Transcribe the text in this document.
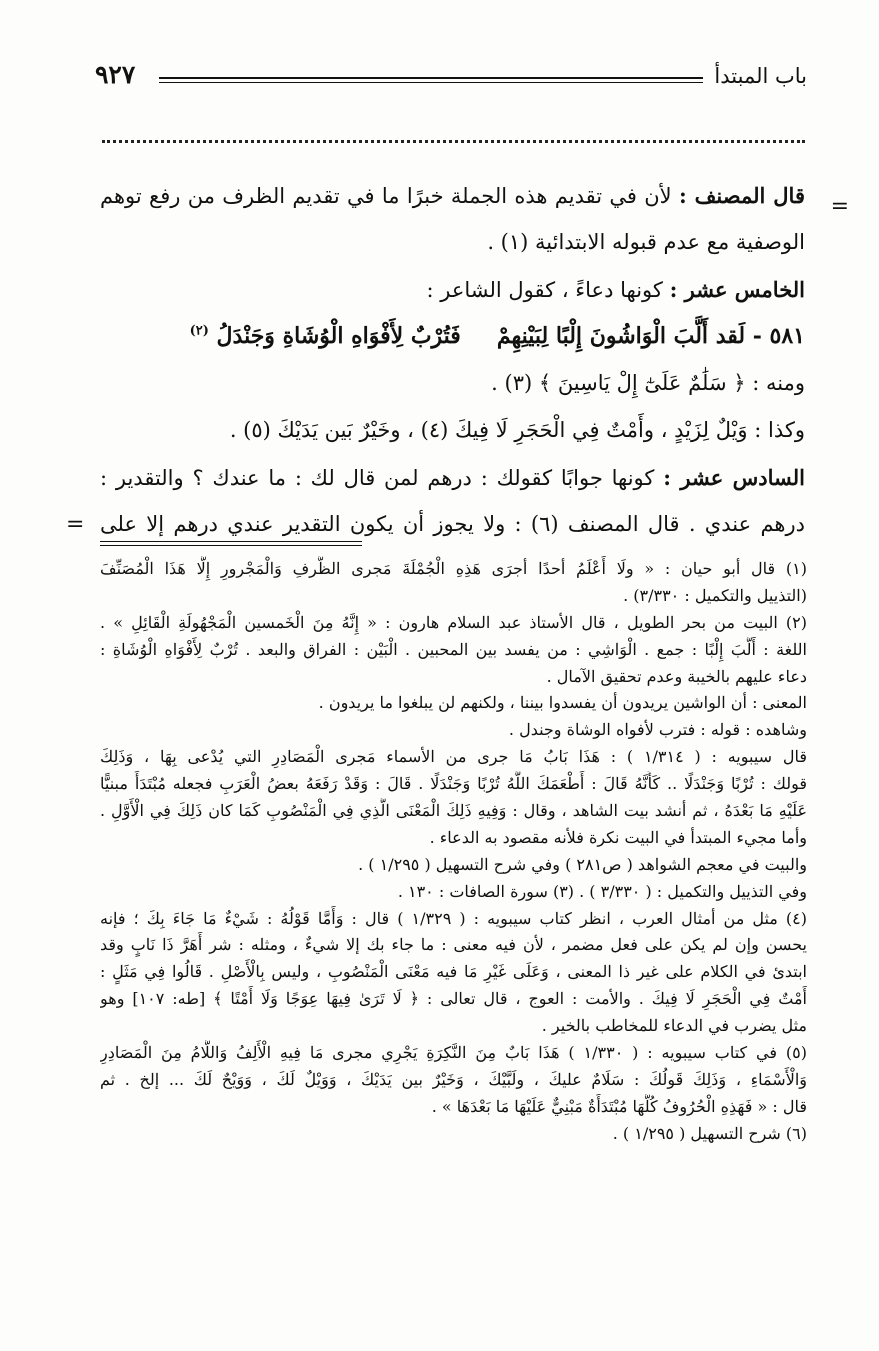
باب المبتدأ
٩٢٧
=
قال المصنف : لأن في تقديم هذه الجملة خبرًا ما في تقديم الظرف من رفع توهم
الوصفية مع عدم قبوله الابتدائية (١) .
الخامس عشر : كونها دعاءً ، كقول الشاعر :
٥٨١ - لَقد أَلَّبَ الْوَاشُونَ إِلْبًا لِبَيْنِهِمْفَتُرْبٌ لِأَفْوَاهِ الْوُشَاةِ وَجَنْدَلُ $^{(٢)}$
ومنه : ﴿ سَلَٰمٌ عَلَىٰٓ إِلْ يَاسِينَ ﴾ (٣) .
وكذا : وَيْلٌ لِزَيْدٍ ، وأَمْتٌ فِي الْحَجَرِ لَا فِيكَ (٤) ، وخَيْرٌ بَين يَدَيْكَ (٥) .
السادس عشر : كونها جوابًا كقولك : درهم لمن قال لك : ما عندك ؟ والتقدير :
درهم عندي . قال المصنف (٦) : ولا يجوز أن يكون التقدير عندي درهم إلا على
=
(١) قال أبو حيان : « ولَا أَعْلَمُ أحدًا أجرَى هَذِهِ الْجُمْلَةَ مَجرى الظَّرفِ وَالْمَجْرورِ إِلَّا هَذَا الْمُصَنِّفَ
(التذييل والتكميل : ٣/٣٣٠) .
(٢) البيت من بحر الطويل ، قال الأستاذ عبد السلام هارون : « إِنَّهُ مِنَ الْخَمسين الْمَجْهُولَةِ الْقَائِلِ » .
اللغة : أَلَّبَ إِلْبًا : جمع . الْوَاشِي : من يفسد بين المحبين . الْبَيْن : الفراق والبعد . تُرْبٌ لِأَفْوَاهِ الْوُشَاةِ :
دعاء عليهم بالخيبة وعدم تحقيق الآمال .
المعنى : أن الواشين يريدون أن يفسدوا بيننا ، ولكنهم لن يبلغوا ما يريدون .
وشاهده : قوله : فترب لأفواه الوشاة وجندل .
قال سيبويه : ( ١/٣١٤ ) : هَذَا بَابُ مَا جرى من الأسماء مَجرى الْمَصَادِرِ التي يُدْعى بِهَا ، وَذَلِكَ
قولك : تُرْبًا وَجَنْدَلًا .. كَأَنَّهُ قَالَ : أَطْعَمَكَ اللَّهُ تُرْبًا وَجَنْدَلًا . قَالَ : وَقَدْ رَفَعَهُ بعضُ الْعَرَبِ فجعله مُبْتَدَأً مبنيًّا
عَلَيْهِ مَا بَعْدَهُ ، ثم أنشد بيت الشاهد ، وقال : وَفِيهِ ذَلِكَ الْمَعْنَى الَّذِي فِي الْمَنْصُوبِ كَمَا كان ذَلِكَ فِي الْأَوَّلِ .
وأما مجيء المبتدأ في البيت نكرة فلأنه مقصود به الدعاء .
والبيت في معجم الشواهد ( ص٢٨١ ) وفي شرح التسهيل ( ١/٢٩٥ ) .
وفي التذييل والتكميل : ( ٣/٣٣٠ ) . (٣) سورة الصافات : ١٣٠ .
(٤) مثل من أمثال العرب ، انظر كتاب سيبويه : ( ١/٣٢٩ ) قال : وَأَمَّا قَوْلُهُ : شَيْءٌ مَا جَاءَ بِكَ ؛ فإنه
يحسن وإن لم يكن على فعل مضمر ، لأن فيه معنى : ما جاء بك إلا شيءٌ ، ومثله : شر أَهَرَّ ذَا نَابٍ وقد
ابتدئ في الكلام على غير ذا المعنى ، وَعَلَى غَيْرِ مَا فيه مَعْنَى الْمَنْصُوبِ ، وليس بِالْأَصْلِ . قَالُوا فِي مَثَلٍ :
أَمْتٌ فِي الْحَجَرِ لَا فِيكَ . والأمت : العوج ، قال تعالى : ﴿ لَا تَرَىٰ فِيهَا عِوَجًا وَلَا أَمْتًا ﴾ [طه: ١٠٧] وهو
مثل يضرب في الدعاء للمخاطب بالخير .
(٥) في كتاب سيبويه : ( ١/٣٣٠ ) هَذَا بَابٌ مِنَ النَّكِرَةِ يَجْرِي مجرى مَا فِيهِ الْأَلِفُ وَاللَّامُ مِنَ الْمَصَادِرِ
وَالْأَسْمَاءِ ، وَذَلِكَ قَولُكَ : سَلَامٌ عليكَ ، ولَبَّيْكَ ، وَخَيْرٌ بين يَدَيْكَ ، وَوَيْلٌ لَكَ ، وَوَيْحٌ لَكَ ... إلخ . ثم
قال : « فَهَذِهِ الْحُرُوفُ كُلُّهَا مُبْتَدَأَةٌ مَبْنِيٌّ عَلَيْهَا مَا بَعْدَهَا » .
(٦) شرح التسهيل ( ١/٢٩٥ ) .
